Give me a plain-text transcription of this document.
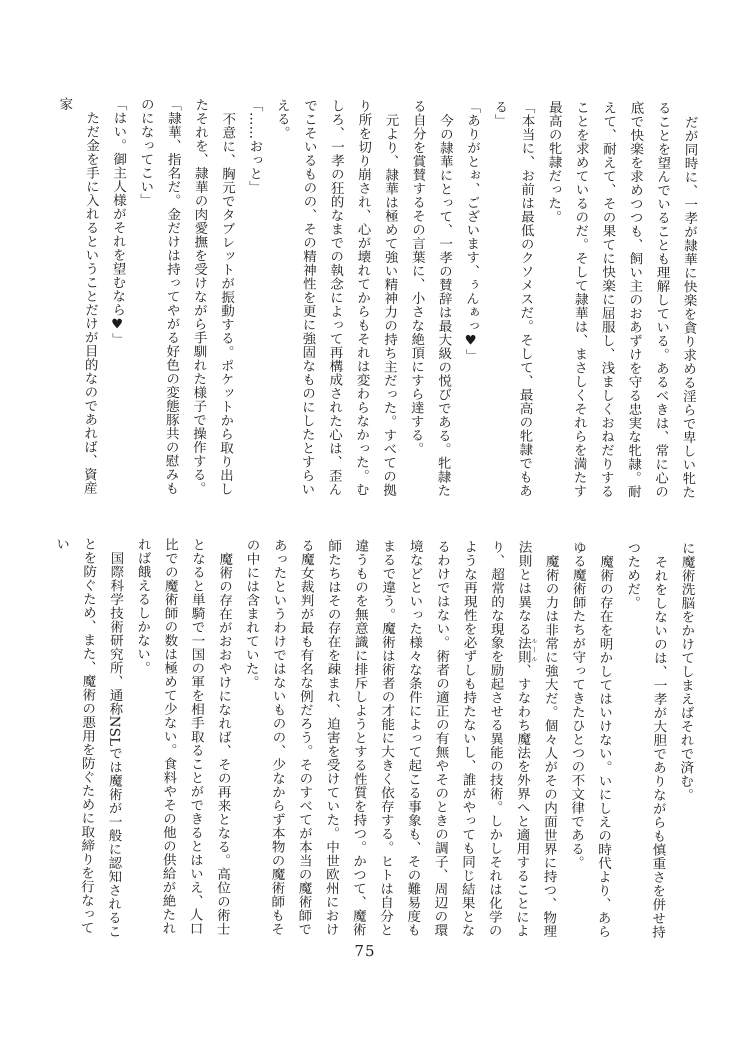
だが同時に、一孝が隷華に快楽を貪り求める淫らで卑しい牝たることを望んでいることも理解している。あるべきは、常に心の底で快楽を求めつつも、飼い主のおあずけを守る忠実な牝隷。耐えて、耐えて、その果てに快楽に屈服し、浅ましくおねだりすることを求めているのだ。そして隷華は、まさしくそれらを満たす最高の牝隷だった。

「本当に、お前は最低のクソメスだ。そして、最高の牝隷でもある」

「ありがとぉ、ございます、ぅんぁっ♥」

今の隷華にとって、一孝の賛辞は最大級の悦びである。牝隷たる自分を賞賛するその言葉に、小さな絶頂にすら達する。

元より、隷華は極めて強い精神力の持ち主だった。すべての拠り所を切り崩され、心が壊れてからもそれは変わらなかった。むしろ、一孝の狂的なまでの執念によって再構成された心は、歪んでこそいるものの、その精神性を更に強固なものにしたとすらいえる。

「……おっと」

不意に、胸元でタブレットが振動する。ポケットから取り出したそれを、隷華の肉愛撫を受けながら手馴れた様子で操作する。

「隷華、指名だ。金だけは持ってやがる好色の変態豚共の慰みものになってこい」

「はい。御主人様がそれを望むなら♥」

ただ金を手に入れるということだけが目的なのであれば、資産家

に魔術洗脳をかけてしまえばそれで済む。

それをしないのは、一孝が大胆でありながらも慎重さを併せ持つためだ。

魔術の存在を明かしてはいけない。いにしえの時代より、あらゆる魔術師たちが守ってきたひとつの不文律である。

魔術の力は非常に強大だ。個々人がその内面世界に持つ、物理法則とは異なる法則ルール、すなわち魔法を外界へと適用することにより、超常的な現象を励起させる異能の技術。しかしそれは化学のような再現性を必ずしも持たないし、誰がやっても同じ結果となるわけではない。術者の適正の有無やそのときの調子、周辺の環境などといった様々な条件によって起こる事象も、その難易度もまるで違う。魔術は術者の才能に大きく依存する。ヒトは自分と違うものを無意識に排斥しようとする性質を持つ。かつて、魔術師たちはその存在を疎まれ、迫害を受けていた。中世欧州における魔女裁判が最も有名な例だろう。そのすべてが本当の魔術師であったというわけではないものの、少なからず本物の魔術師もその中には含まれていた。

魔術の存在がおおやけになれば、その再来となる。高位の術士となると単騎で一国の軍を相手取ることができるとはいえ、人口比での魔術師の数は極めて少ない。食料やその他の供給が絶たれれば餓えるしかない。

国際科学技術研究所、通称NSLでは魔術が一般に認知されることを防ぐため、また、魔術の悪用を防ぐために取締りを行なってい

75
